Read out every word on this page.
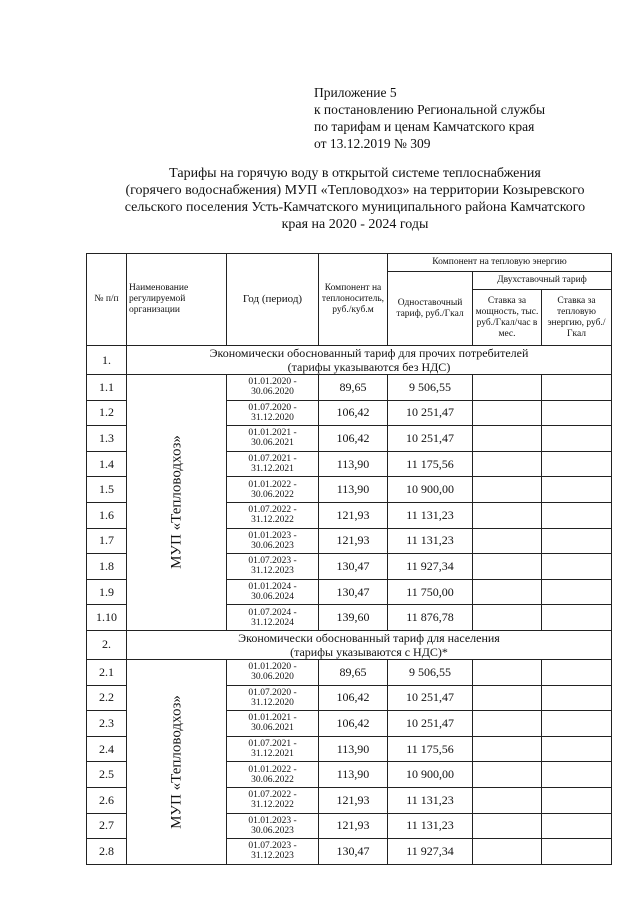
Приложение 5
к постановлению Региональной службы
по тарифам и ценам Камчатского края
от 13.12.2019 № 309
Тарифы на горячую воду в открытой системе теплоснабжения
(горячего водоснабжения) МУП «Тепловодхоз» на территории Козыревского
сельского поселения Усть-Камчатского муниципального района Камчатского
края на 2020 - 2024 годы
№ п/п	Наименование регулируемой организации	Год (период)	Компонент на теплоноситель, руб./куб.м	Компонент на тепловую энергию		
				Одноставочный тариф, руб./Гкал	Двухставочный тариф	
					Ставка за мощность, тыс. руб./Гкал/час в мес.	Ставка за тепловую энергию, руб./Гкал
1.	Экономически обоснованный тариф для прочих потребителей
(тарифы указываются без НДС)					

1.1	МУП «Тепловодхоз»	01.01.2020 -
30.06.2020	89,65	9 506,55		
1.2		01.07.2020 -
31.12.2020	106,42	10 251,47		
1.3		01.01.2021 -
30.06.2021	106,42	10 251,47		
1.4		01.07.2021 -
31.12.2021	113,90	11 175,56		
1.5		01.01.2022 -
30.06.2022	113,90	10 900,00		
1.6		01.07.2022 -
31.12.2022	121,93	11 131,23		
1.7		01.01.2023 -
30.06.2023	121,93	11 131,23		
1.8		01.07.2023 -
31.12.2023	130,47	11 927,34		
1.9		01.01.2024 -
30.06.2024	130,47	11 750,00		
1.10		01.07.2024 -
31.12.2024	139,60	11 876,78		
2.	Экономически обоснованный тариф для населения
(тарифы указываются с НДС)*					

2.1	МУП «Тепловодхоз»	01.01.2020 -
30.06.2020	89,65	9 506,55		
2.2		01.07.2020 -
31.12.2020	106,42	10 251,47		
2.3		01.01.2021 -
30.06.2021	106,42	10 251,47		
2.4		01.07.2021 -
31.12.2021	113,90	11 175,56		
2.5		01.01.2022 -
30.06.2022	113,90	10 900,00		
2.6		01.07.2022 -
31.12.2022	121,93	11 131,23		
2.7		01.01.2023 -
30.06.2023	121,93	11 131,23		
2.8		01.07.2023 -
31.12.2023	130,47	11 927,34		
